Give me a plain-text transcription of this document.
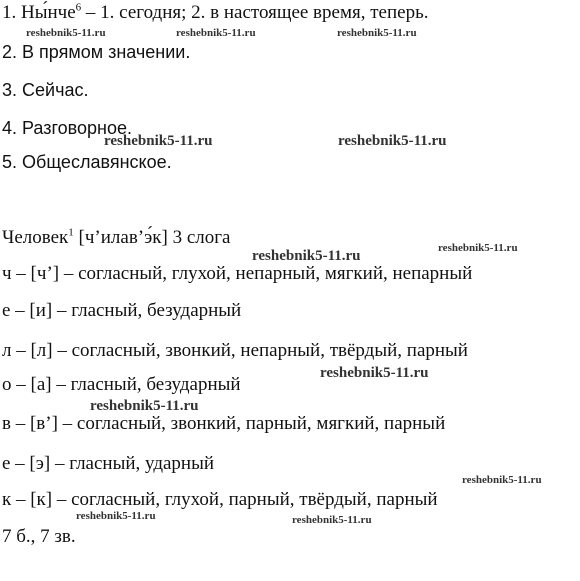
1. Ны́нче$^6$ – 1. сегодня; 2. в настоящее время, теперь.
2. В прямом значении.
3. Сейчас.
4. Разговорное.
5. Общеславянское.
Человек$^1$ [ч’илав’э́к] 3 слога
ч – [ч’] – согласный, глухой, непарный, мягкий, непарный
е – [и] – гласный, безударный
л – [л] – согласный, звонкий, непарный, твёрдый, парный
о – [а] – гласный, безударный
в – [в’] – согласный, звонкий, парный, мягкий, парный
е – [э] – гласный, ударный
к – [к] – согласный, глухой, парный, твёрдый, парный
7 б., 7 зв.
reshebnik5-11.ru	reshebnik5-11.ru	reshebnik5-11.ru
reshebnik5-11.ru	reshebnik5-11.ru
reshebnik5-11.ru
reshebnik5-11.ru
reshebnik5-11.ru
reshebnik5-11.ru
reshebnik5-11.ru
reshebnik5-11.ru	reshebnik5-11.ru
